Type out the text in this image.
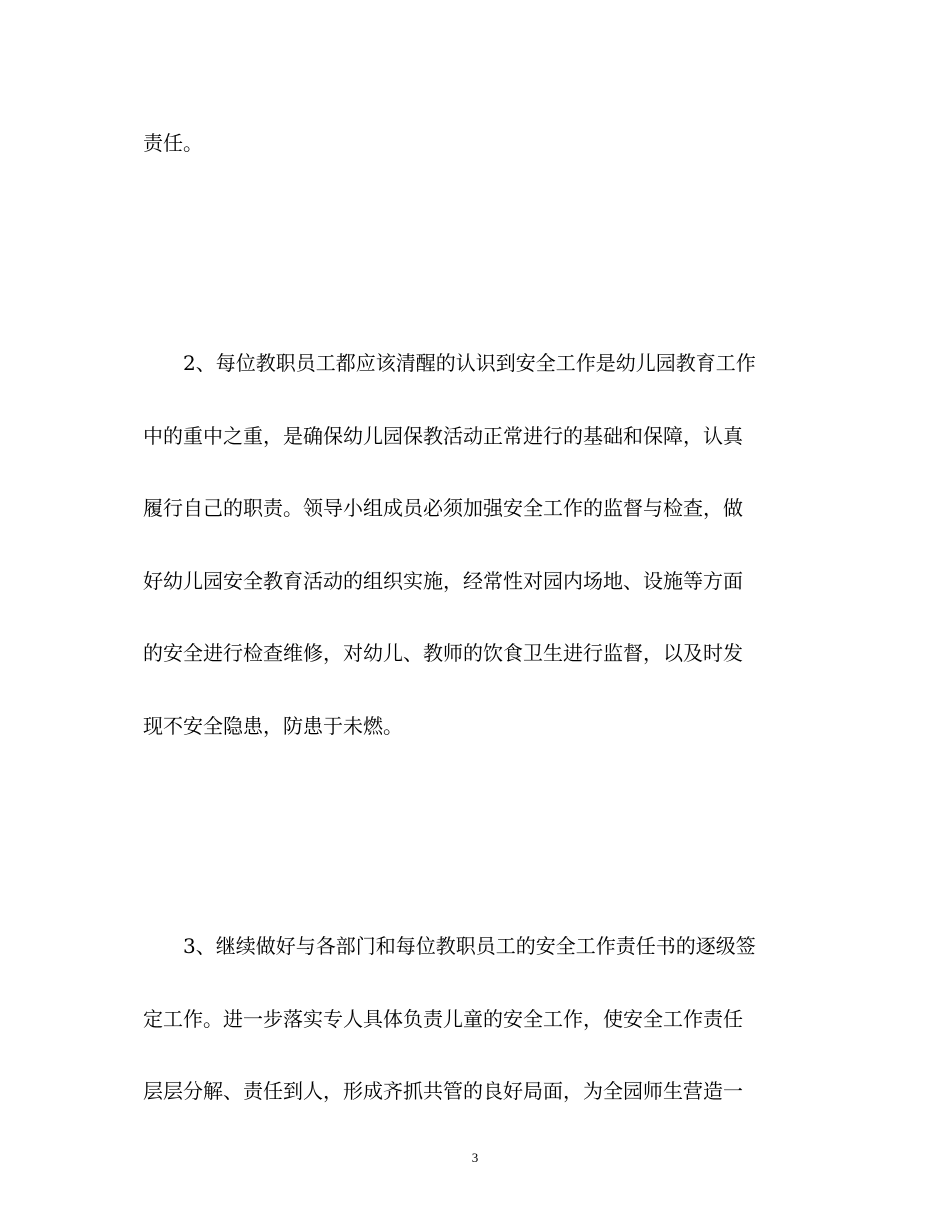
责任。
2、每位教职员工都应该清醒的认识到安全工作是幼儿园教育工作
中的重中之重，是确保幼儿园保教活动正常进行的基础和保障，认真
履行自己的职责。领导小组成员必须加强安全工作的监督与检查，做
好幼儿园安全教育活动的组织实施，经常性对园内场地、设施等方面
的安全进行检查维修，对幼儿、教师的饮食卫生进行监督，以及时发
现不安全隐患，防患于未燃。
3、继续做好与各部门和每位教职员工的安全工作责任书的逐级签
定工作。进一步落实专人具体负责儿童的安全工作，使安全工作责任
层层分解、责任到人，形成齐抓共管的良好局面，为全园师生营造一
3
